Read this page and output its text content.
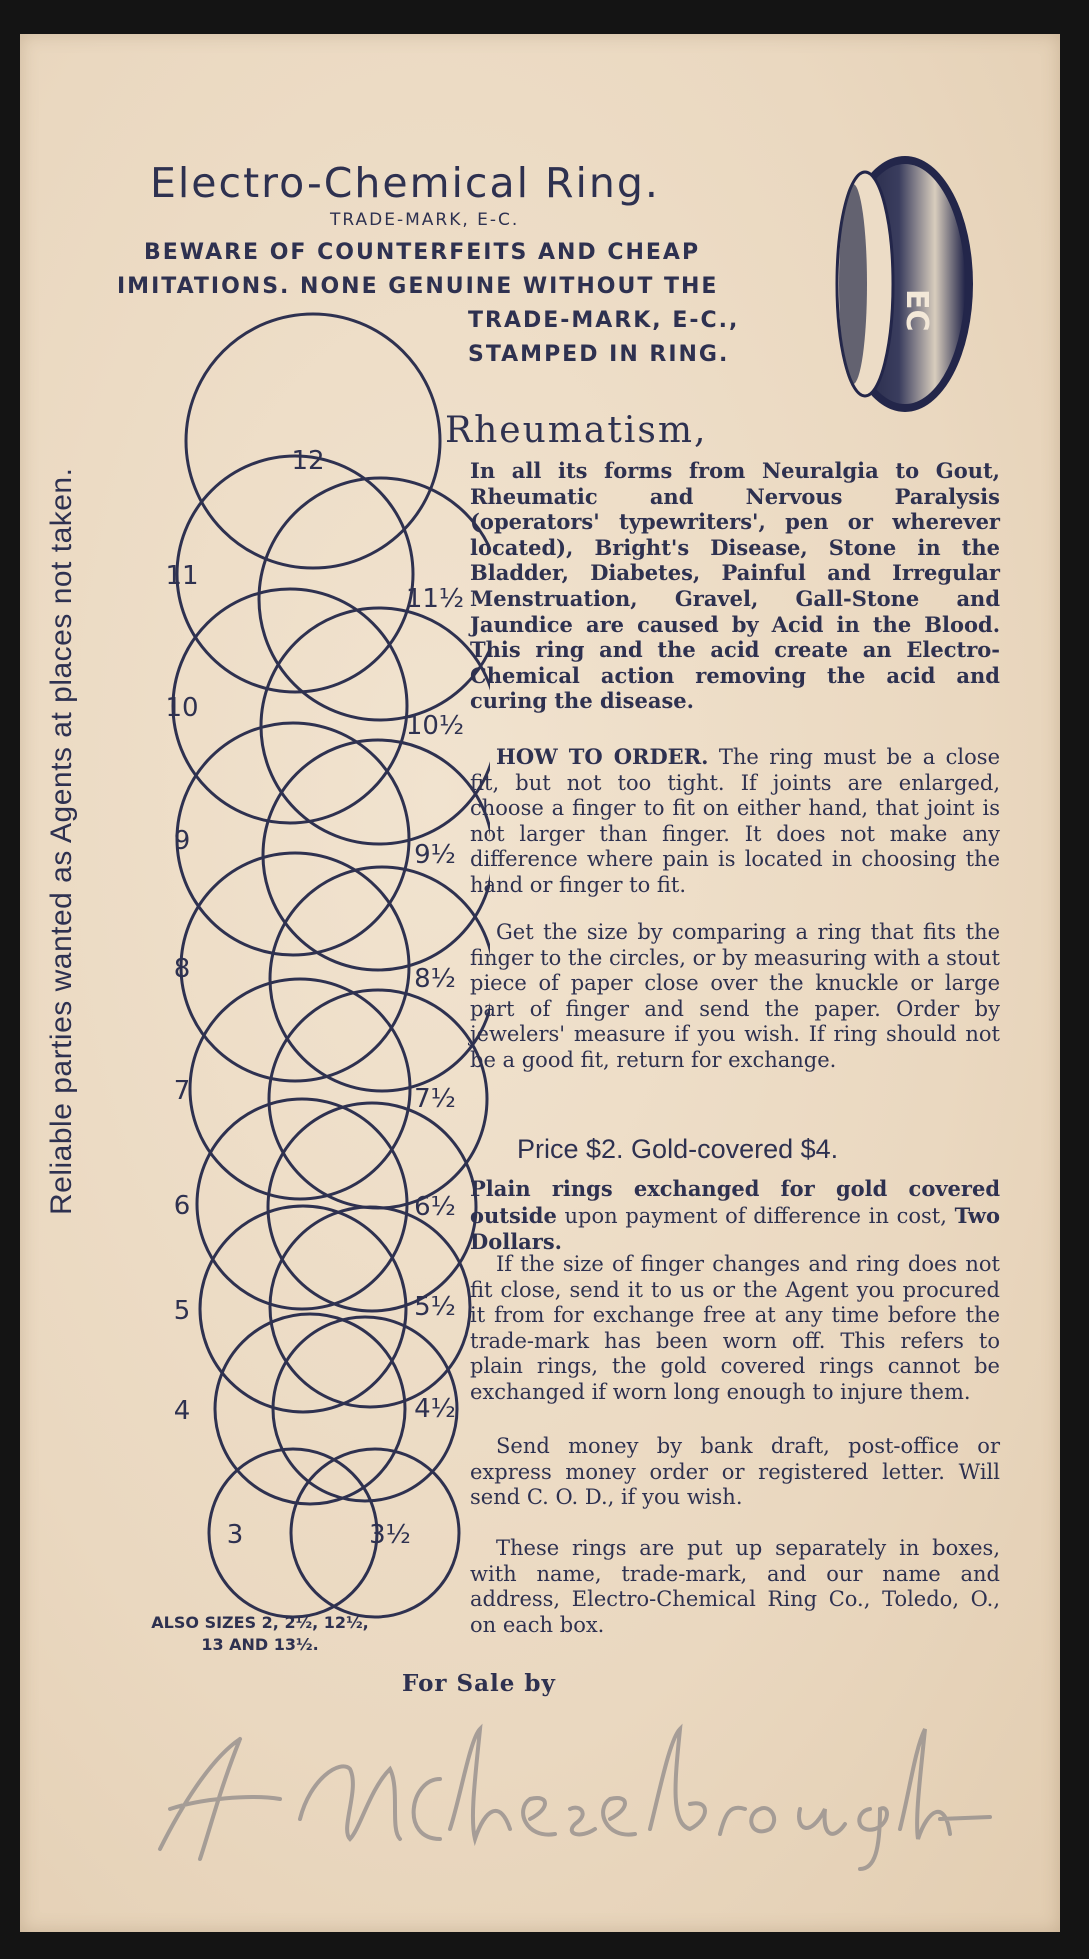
Electro-Chemical Ring.
TRADE-MARK, E-C.
BEWARE OF COUNTERFEITS AND CHEAP
IMITATIONS. NONE GENUINE WITHOUT THE
TRADE-MARK, E-C.,
STAMPED IN RING.
EC
Rheumatism,
In all its forms from Neuralgia to Gout, Rheumatic and Nervous Paralysis (operators' typewriters', pen or wherever located), Bright's Disease, Stone in the Bladder, Diabetes, Painful and Irregular Menstruation, Gravel, Gall-Stone and Jaundice are caused by Acid in the Blood. This ring and the acid create an Electro-Chemical action removing the acid and curing the disease.
HOW TO ORDER. The ring must be a close fit, but not too tight. If joints are enlarged, choose a finger to fit on either hand, that joint is not larger than finger. It does not make any difference where pain is located in choosing the hand or finger to fit.
Get the size by comparing a ring that fits the finger to the circles, or by measuring with a stout piece of paper close over the knuckle or large part of finger and send the paper. Order by jewelers' measure if you wish. If ring should not be a good fit, return for exchange.
Price $2. Gold-covered $4.
Plain rings exchanged for gold covered outside upon payment of difference in cost, Two Dollars.
If the size of finger changes and ring does not fit close, send it to us or the Agent you procured it from for exchange free at any time before the trade-mark has been worn off. This refers to plain rings, the gold covered rings cannot be exchanged if worn long enough to injure them.
Send money by bank draft, post-office or express money order or registered letter. Will send C. O. D., if you wish.
These rings are put up separately in boxes, with name, trade-mark, and our name and address, Electro-Chemical Ring Co., Toledo, O., on each box.
12
11
10
9
8
7
6
5
4
3
11½
10½
9½
8½
7½
6½
5½
4½
3½
ALSO SIZES 2, 2½, 12½,
13 AND 13½.
For Sale by
Reliable parties wanted as Agents at places not taken.
